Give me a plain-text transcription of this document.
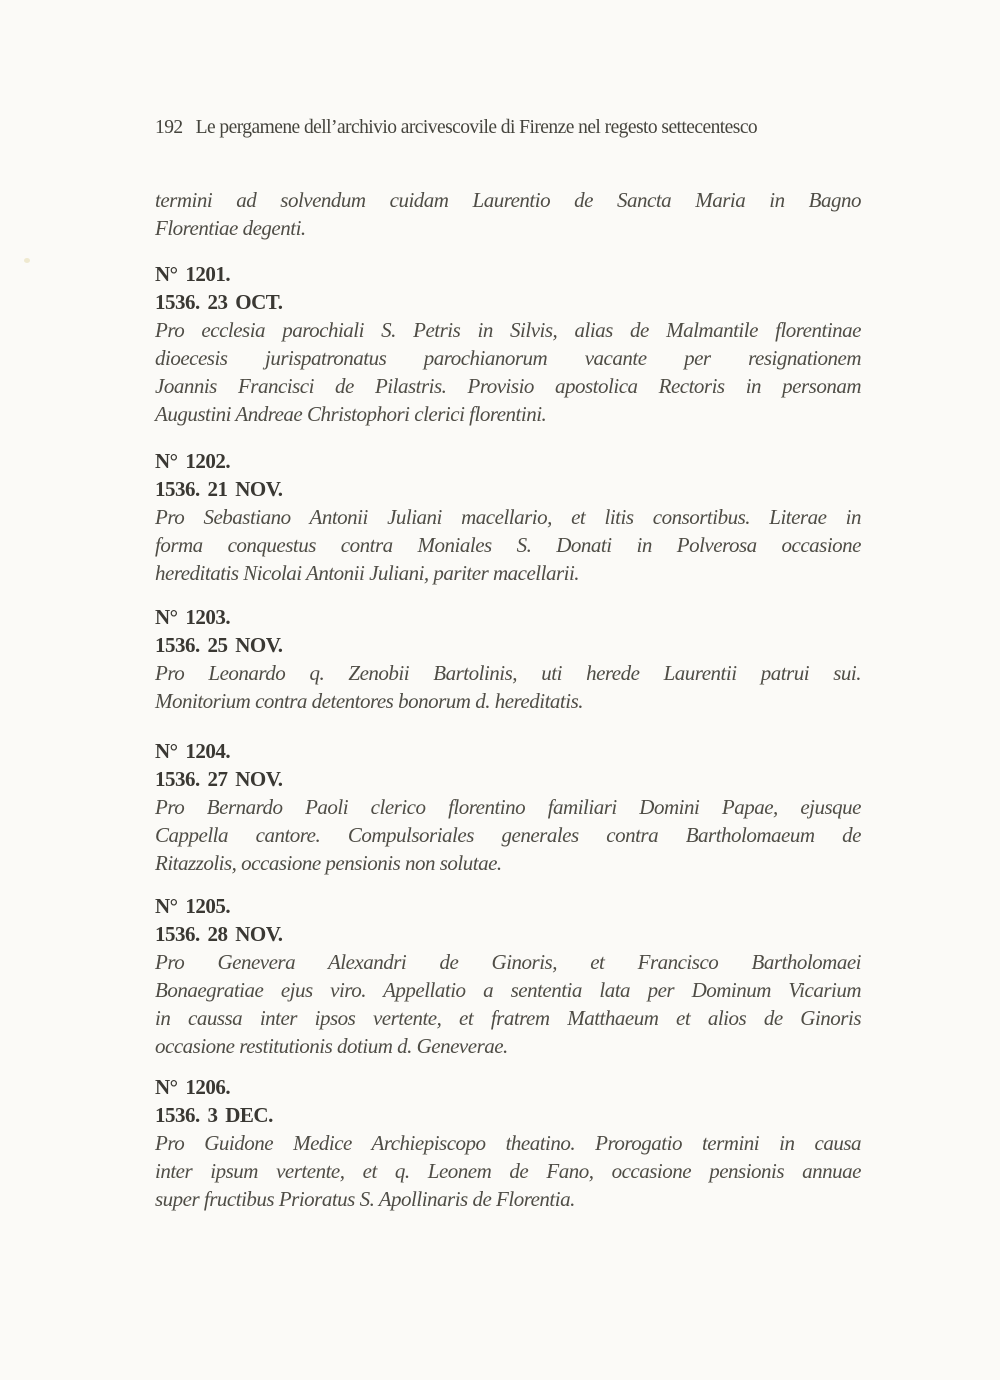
192 Le pergamene dell’archivio arcivescovile di Firenze nel regesto settecentesco
termini ad solvendum cuidam Laurentio de Sancta Maria in Bagno
Florentiae degenti.
N° 1201.
1536. 23 OCT.
Pro ecclesia parochiali S. Petris in Silvis, alias de Malmantile florentinae
dioecesis jurispatronatus parochianorum vacante per resignationem
Joannis Francisci de Pilastris. Provisio apostolica Rectoris in personam
Augustini Andreae Christophori clerici florentini.
N° 1202.
1536. 21 NOV.
Pro Sebastiano Antonii Juliani macellario, et litis consortibus. Literae in
forma conquestus contra Moniales S. Donati in Polverosa occasione
hereditatis Nicolai Antonii Juliani, pariter macellarii.
N° 1203.
1536. 25 NOV.
Pro Leonardo q. Zenobii Bartolinis, uti herede Laurentii patrui sui.
Monitorium contra detentores bonorum d. hereditatis.
N° 1204.
1536. 27 NOV.
Pro Bernardo Paoli clerico florentino familiari Domini Papae, ejusque
Cappella cantore. Compulsoriales generales contra Bartholomaeum de
Ritazzolis, occasione pensionis non solutae.
N° 1205.
1536. 28 NOV.
Pro Genevera Alexandri de Ginoris, et Francisco Bartholomaei
Bonaegratiae ejus viro. Appellatio a sententia lata per Dominum Vicarium
in caussa inter ipsos vertente, et fratrem Matthaeum et alios de Ginoris
occasione restitutionis dotium d. Geneverae.
N° 1206.
1536. 3 DEC.
Pro Guidone Medice Archiepiscopo theatino. Prorogatio termini in causa
inter ipsum vertente, et q. Leonem de Fano, occasione pensionis annuae
super fructibus Prioratus S. Apollinaris de Florentia.
